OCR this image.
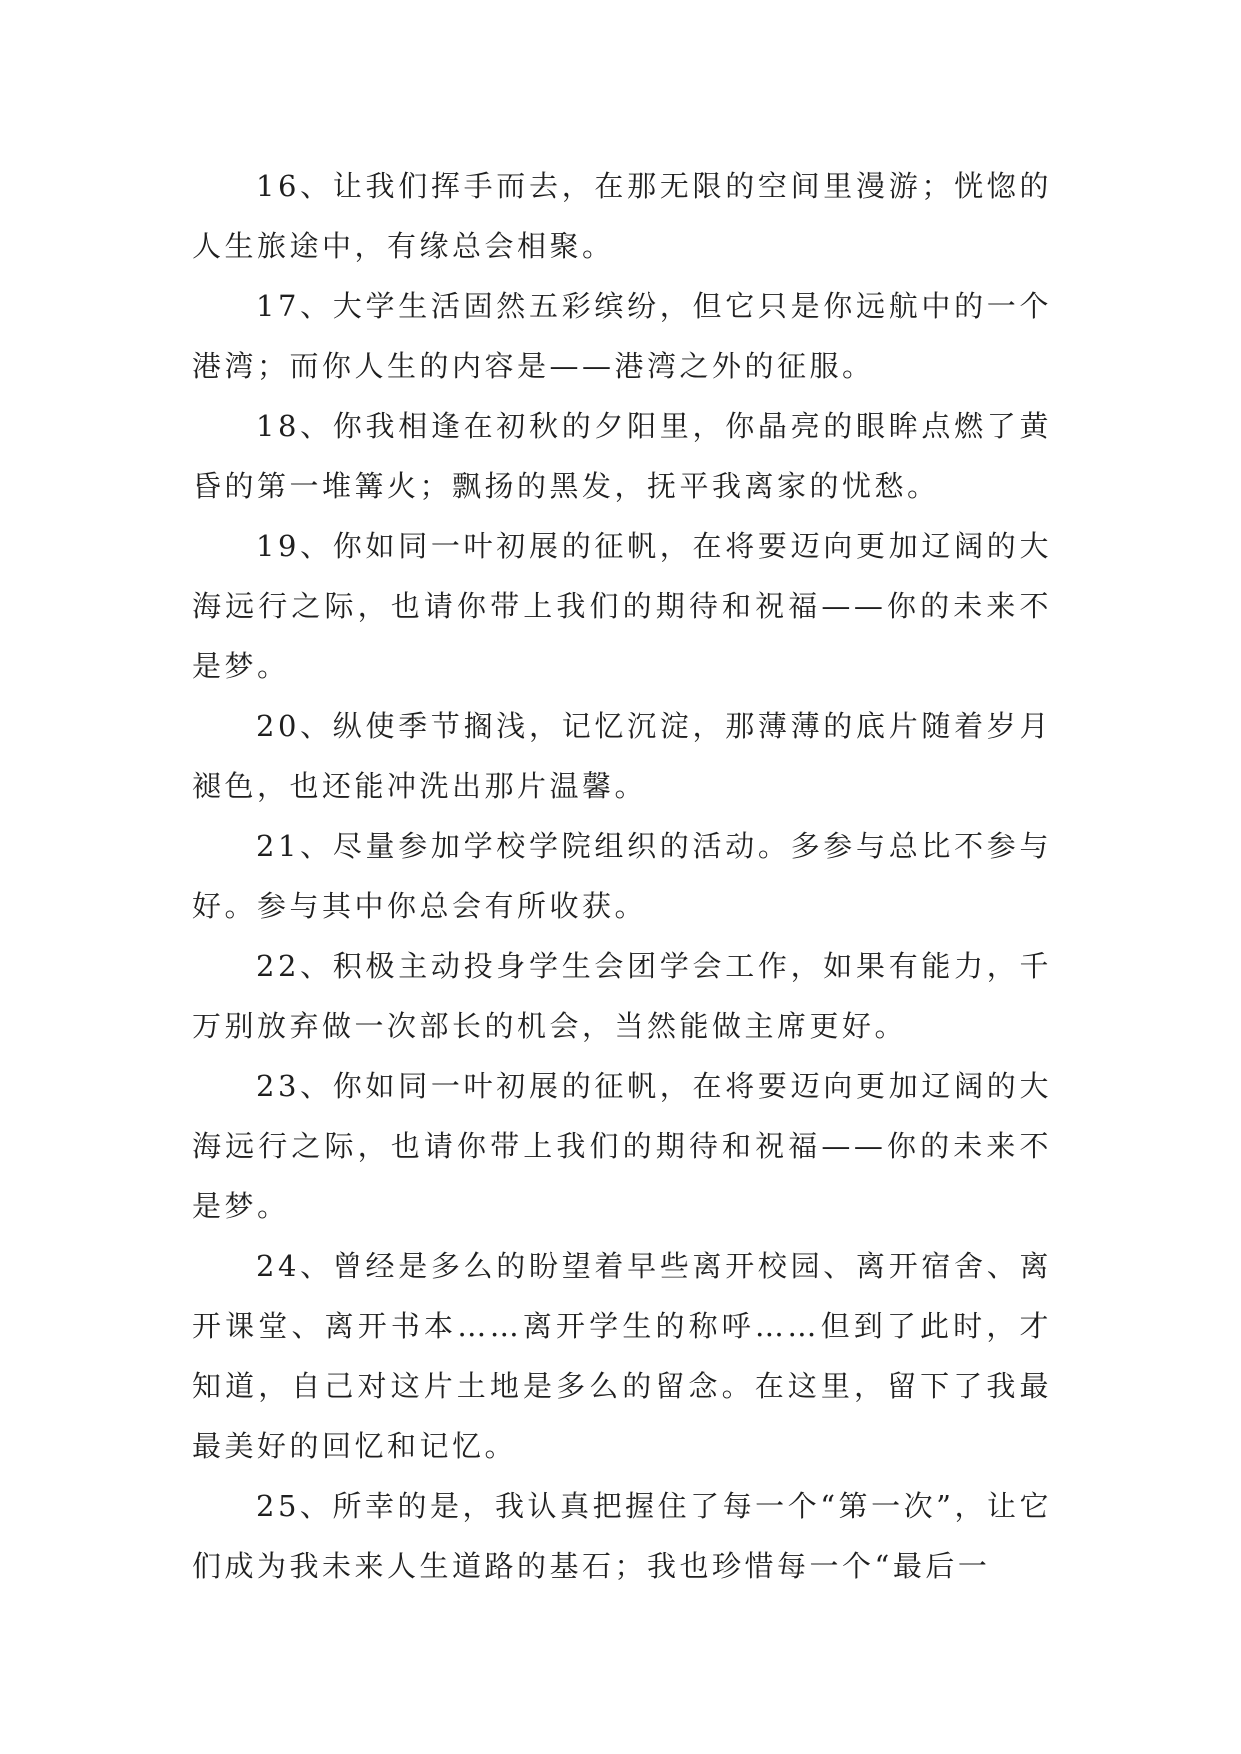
16、让我们挥手而去，在那无限的空间里漫游；恍惚的人生旅途中，有缘总会相聚。

17、大学生活固然五彩缤纷，但它只是你远航中的一个港湾；而你人生的内容是——港湾之外的征服。

18、你我相逢在初秋的夕阳里，你晶亮的眼眸点燃了黄昏的第一堆篝火；飘扬的黑发，抚平我离家的忧愁。

19、你如同一叶初展的征帆，在将要迈向更加辽阔的大海远行之际，也请你带上我们的期待和祝福——你的未来不是梦。

20、纵使季节搁浅，记忆沉淀，那薄薄的底片随着岁月褪色，也还能冲洗出那片温馨。

21、尽量参加学校学院组织的活动。多参与总比不参与好。参与其中你总会有所收获。

22、积极主动投身学生会团学会工作，如果有能力，千万别放弃做一次部长的机会，当然能做主席更好。

23、你如同一叶初展的征帆，在将要迈向更加辽阔的大海远行之际，也请你带上我们的期待和祝福——你的未来不是梦。

24、曾经是多么的盼望着早些离开校园、离开宿舍、离开课堂、离开书本……离开学生的称呼……但到了此时，才知道，自己对这片土地是多么的留念。在这里，留下了我最最美好的回忆和记忆。

25、所幸的是，我认真把握住了每一个“第一次”，让它们成为我未来人生道路的基石；我也珍惜每一个“最后一
